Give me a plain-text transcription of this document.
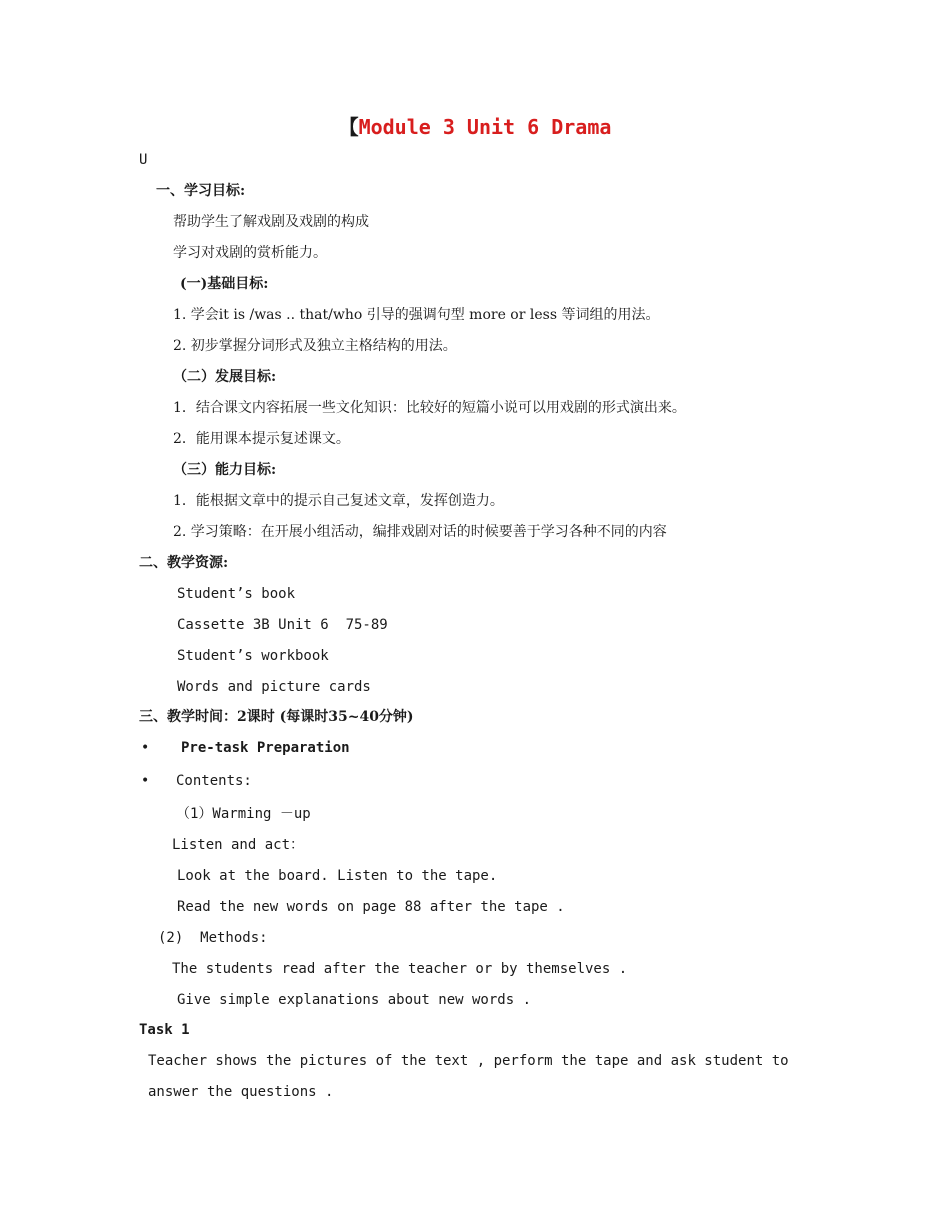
【Module 3 Unit 6 Drama
U
一、学习目标:
帮助学生了解戏剧及戏剧的构成
学习对戏剧的赏析能力。
(一)基础目标:
1. 学会it is /was .. that/who 引导的强调句型 more or less 等词组的用法。
2. 初步掌握分词形式及独立主格结构的用法。
（二）发展目标:
1．结合课文内容拓展一些文化知识：比较好的短篇小说可以用戏剧的形式演出来。
2．能用课本提示复述课文。
（三）能力目标:
1．能根据文章中的提示自己复述文章，发挥创造力。
2. 学习策略：在开展小组活动，编排戏剧对话的时候要善于学习各种不同的内容
二、教学资源:
Student’s book
Cassette 3B Unit 6  75-89
Student’s workbook
Words and picture cards
三、教学时间：2课时 (每课时35~40分钟)
• Pre-task Preparation
• Contents:
（1）Warming －up
Listen and act：
Look at the board. Listen to the tape.
Read the new words on page 88 after the tape .
(2)  Methods:
The students read after the teacher or by themselves .
Give simple explanations about new words .
Task 1
Teacher shows the pictures of the text , perform the tape and ask student to
answer the questions .
